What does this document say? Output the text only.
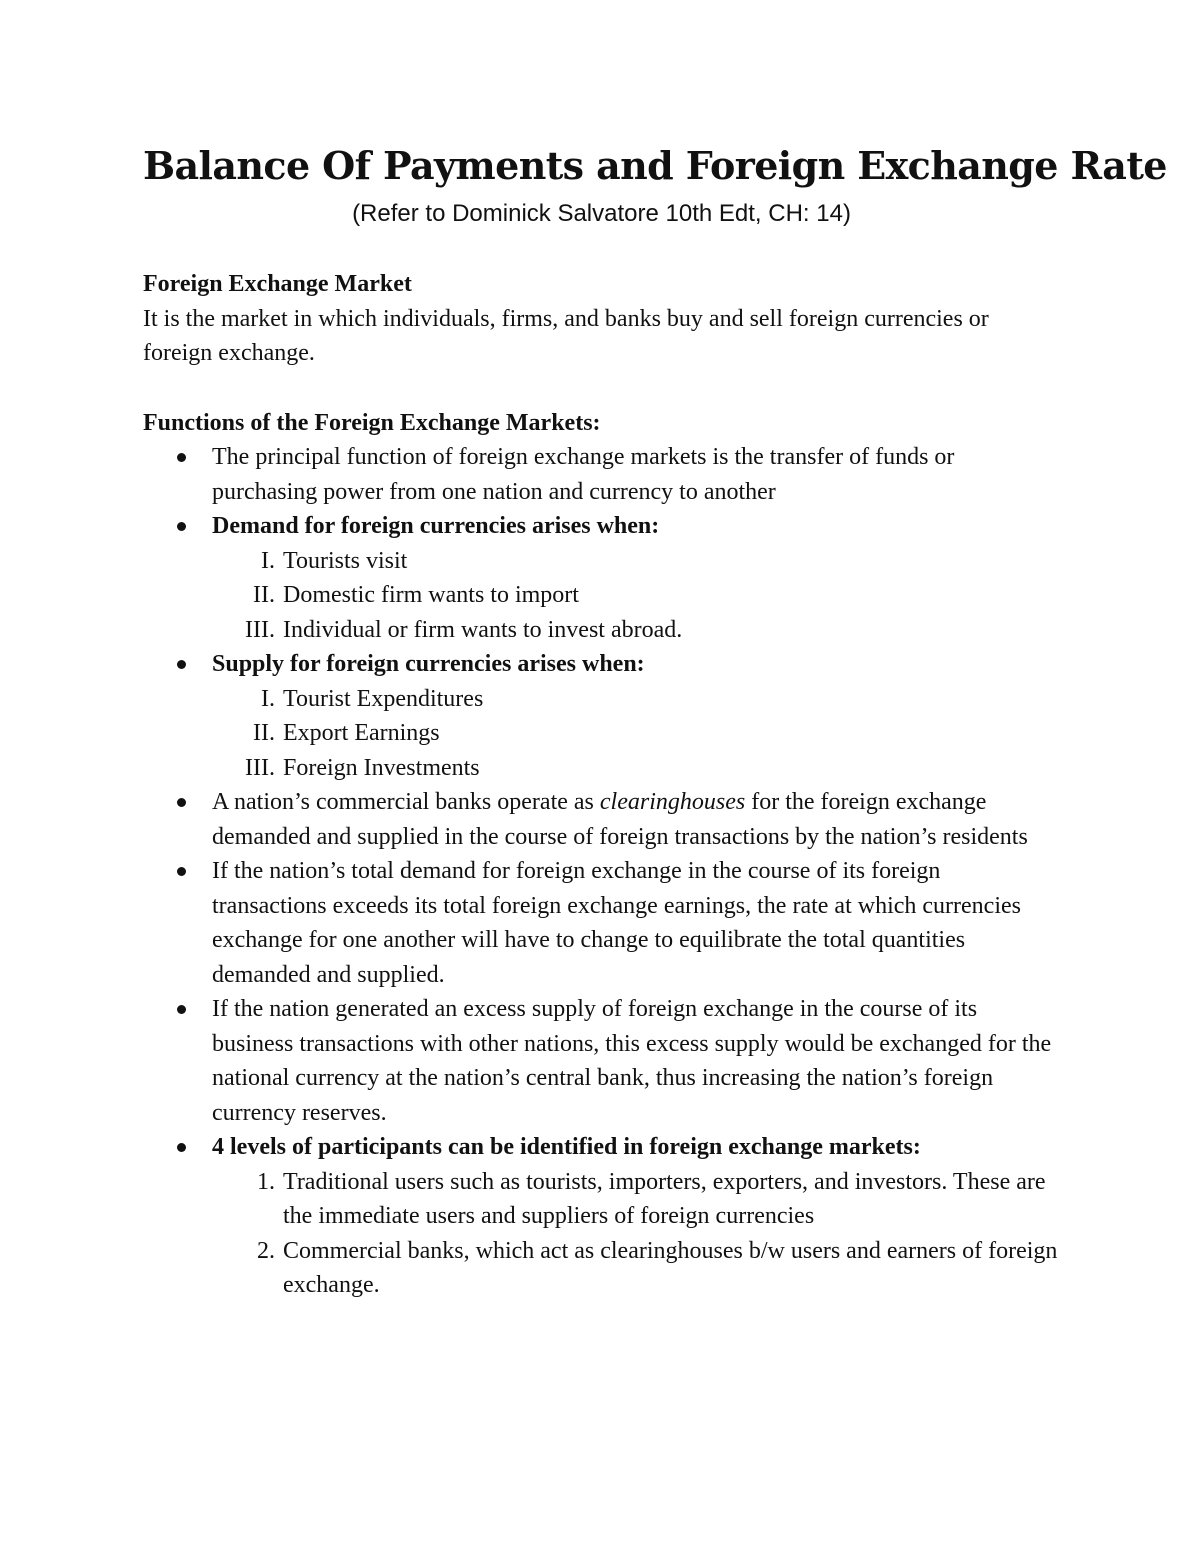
Balance Of Payments and Foreign Exchange Rate
(Refer to Dominick Salvatore 10th Edt, CH: 14)
Foreign Exchange Market

It is the market in which individuals, firms, and banks buy and sell foreign currencies or foreign exchange.

Functions of the Foreign Exchange Markets:
The principal function of foreign exchange markets is the transfer of funds or purchasing power from one nation and currency to another
Demand for foreign currencies arises when:
I. Tourists visit
II. Domestic firm wants to import
III. Individual or firm wants to invest abroad.
Supply for foreign currencies arises when:
I. Tourist Expenditures
II. Export Earnings
III. Foreign Investments
A nation’s commercial banks operate as clearinghouses for the foreign exchange demanded and supplied in the course of foreign transactions by the nation’s residents
If the nation’s total demand for foreign exchange in the course of its foreign transactions exceeds its total foreign exchange earnings, the rate at which currencies exchange for one another will have to change to equilibrate the total quantities demanded and supplied.
If the nation generated an excess supply of foreign exchange in the course of its business transactions with other nations, this excess supply would be exchanged for the national currency at the nation’s central bank, thus increasing the nation’s foreign currency reserves.
4 levels of participants can be identified in foreign exchange markets:
1. Traditional users such as tourists, importers, exporters, and investors. These are the immediate users and suppliers of foreign currencies
2. Commercial banks, which act as clearinghouses b/w users and earners of foreign exchange.
